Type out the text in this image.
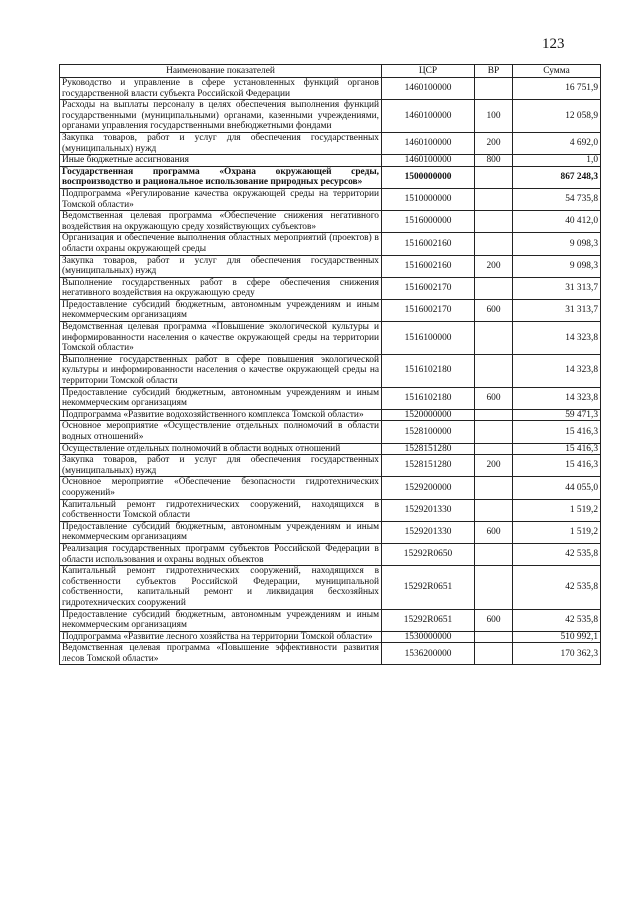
123
Наименование показателей	ЦСР	ВР	Сумма
Руководство и управление в сфере установленных функций органов государственной власти субъекта Российской Федерации	1460100000		16 751,9
Расходы на выплаты персоналу в целях обеспечения выполнения функций государственными (муниципальными) органами, казенными учреждениями, органами управления государственными внебюджетными фондами	1460100000	100	12 058,9
Закупка товаров, работ и услуг для обеспечения государственных (муниципальных) нужд	1460100000	200	4 692,0
Иные бюджетные ассигнования	1460100000	800	1,0
Государственная программа «Охрана окружающей среды, воспроизводство и рациональное использование природных ресурсов»	1500000000		867 248,3
Подпрограмма «Регулирование качества окружающей среды на территории Томской области»	1510000000		54 735,8
Ведомственная целевая программа «Обеспечение снижения негативного воздействия на окружающую среду хозяйствующих субъектов»	1516000000		40 412,0
Организация и обеспечение выполнения областных мероприятий (проектов) в области охраны окружающей среды	1516002160		9 098,3
Закупка товаров, работ и услуг для обеспечения государственных (муниципальных) нужд	1516002160	200	9 098,3
Выполнение государственных работ в сфере обеспечения снижения негативного воздействия на окружающую среду	1516002170		31 313,7
Предоставление субсидий бюджетным, автономным учреждениям и иным некоммерческим организациям	1516002170	600	31 313,7
Ведомственная целевая программа «Повышение экологической культуры и информированности населения о качестве окружающей среды на территории Томской области»	1516100000		14 323,8
Выполнение государственных работ в сфере повышения экологической культуры и информированности населения о качестве окружающей среды на территории Томской области	1516102180		14 323,8
Предоставление субсидий бюджетным, автономным учреждениям и иным некоммерческим организациям	1516102180	600	14 323,8
Подпрограмма «Развитие водохозяйственного комплекса Томской области»	1520000000		59 471,3
Основное мероприятие «Осуществление отдельных полномочий в области водных отношений»	1528100000		15 416,3
Осуществление отдельных полномочий в области водных отношений	1528151280		15 416,3
Закупка товаров, работ и услуг для обеспечения государственных (муниципальных) нужд	1528151280	200	15 416,3
Основное мероприятие «Обеспечение безопасности гидротехнических сооружений»	1529200000		44 055,0
Капитальный ремонт гидротехнических сооружений, находящихся в собственности Томской области	1529201330		1 519,2
Предоставление субсидий бюджетным, автономным учреждениям и иным некоммерческим организациям	1529201330	600	1 519,2
Реализация государственных программ субъектов Российской Федерации в области использования и охраны водных объектов	15292R0650		42 535,8
Капитальный ремонт гидротехнических сооружений, находящихся в собственности субъектов Российской Федерации, муниципальной собственности, капитальный ремонт и ликвидация бесхозяйных гидротехнических сооружений	15292R0651		42 535,8
Предоставление субсидий бюджетным, автономным учреждениям и иным некоммерческим организациям	15292R0651	600	42 535,8
Подпрограмма «Развитие лесного хозяйства на территории Томской области»	1530000000		510 992,1
Ведомственная целевая программа «Повышение эффективности развития лесов Томской области»	1536200000		170 362,3
